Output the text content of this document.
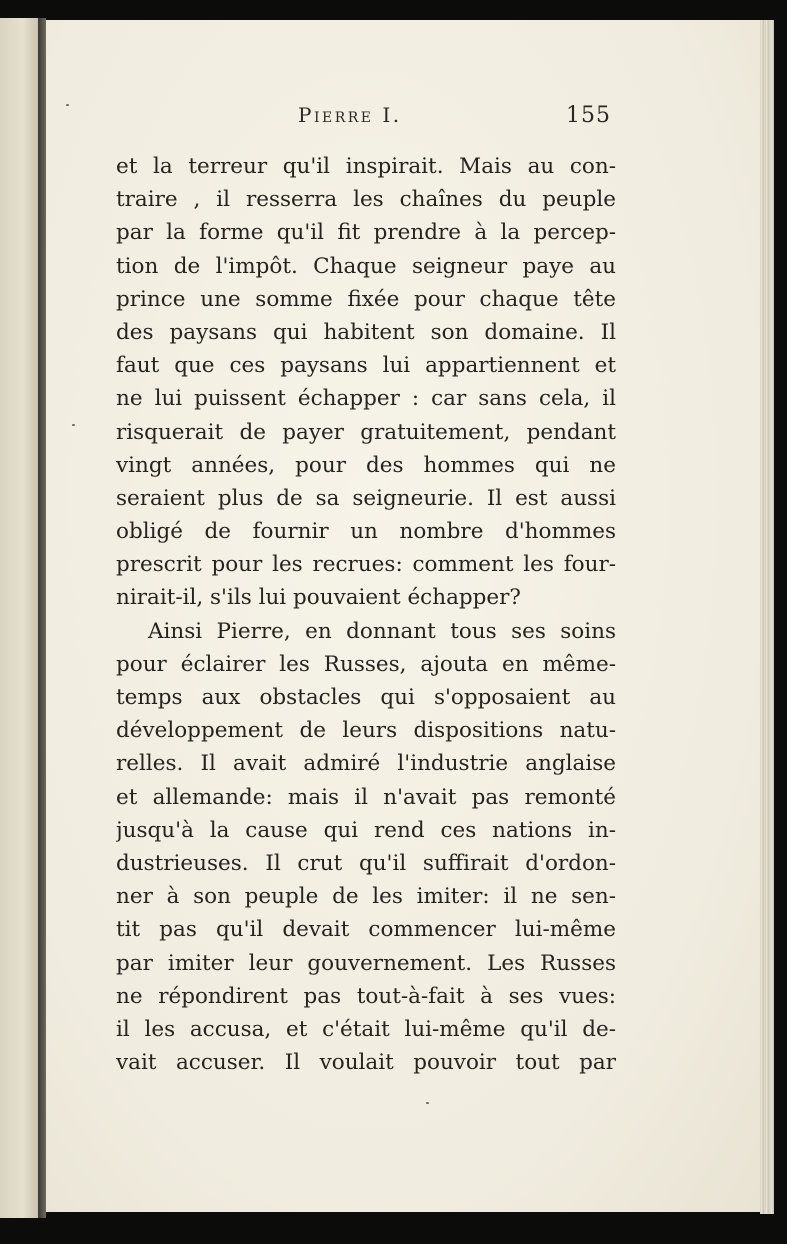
Pierre I.	155
et la terreur qu'il inspirait. Mais au con-
traire , il resserra les chaînes du peuple
par la forme qu'il fit prendre à la percep-
tion de l'impôt. Chaque seigneur paye au
prince une somme fixée pour chaque tête
des paysans qui habitent son domaine. Il
faut que ces paysans lui appartiennent et
ne lui puissent échapper : car sans cela, il
risquerait de payer gratuitement, pendant
vingt années, pour des hommes qui ne
seraient plus de sa seigneurie. Il est aussi
obligé de fournir un nombre d'hommes
prescrit pour les recrues: comment les four-
nirait-il, s'ils lui pouvaient échapper?
Ainsi Pierre, en donnant tous ses soins
pour éclairer les Russes, ajouta en même-
temps aux obstacles qui s'opposaient au
développement de leurs dispositions natu-
relles. Il avait admiré l'industrie anglaise
et allemande: mais il n'avait pas remonté
jusqu'à la cause qui rend ces nations in-
dustrieuses. Il crut qu'il suffirait d'ordon-
ner à son peuple de les imiter: il ne sen-
tit pas qu'il devait commencer lui-même
par imiter leur gouvernement. Les Russes
ne répondirent pas tout-à-fait à ses vues:
il les accusa, et c'était lui-même qu'il de-
vait accuser. Il voulait pouvoir tout par
